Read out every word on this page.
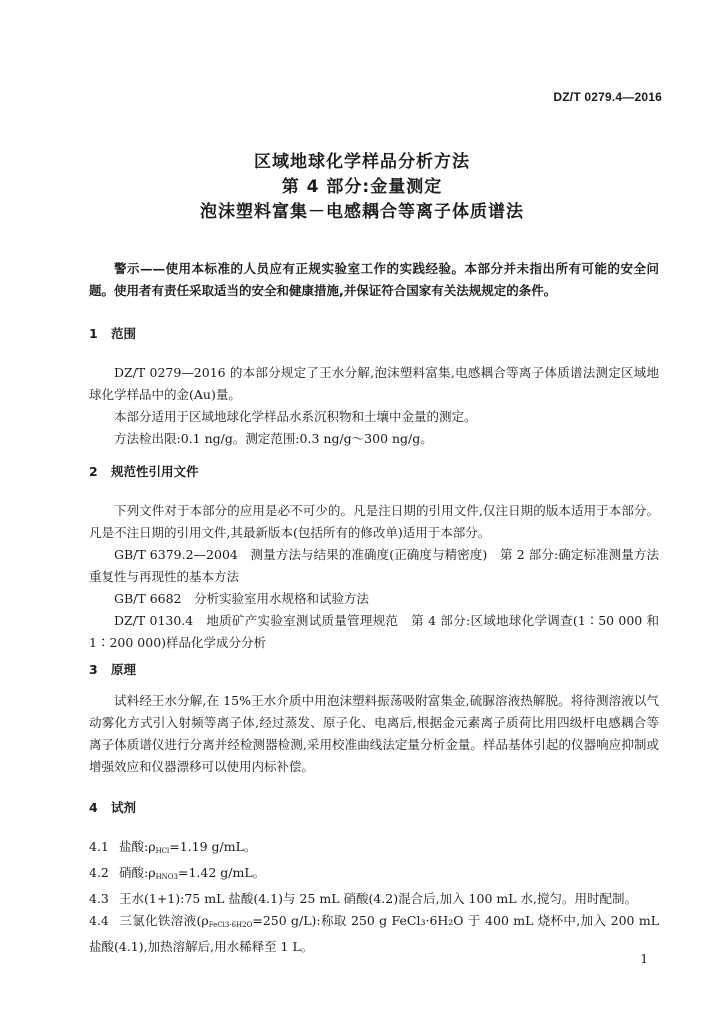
DZ/T 0279.4—2016
区域地球化学样品分析方法
第 4 部分:金量测定
泡沫塑料富集－电感耦合等离子体质谱法
警示——使用本标准的人员应有正规实验室工作的实践经验。本部分并未指出所有可能的安全问题。使用者有责任采取适当的安全和健康措施,并保证符合国家有关法规规定的条件。
1 范围

DZ/T 0279—2016 的本部分规定了王水分解,泡沫塑料富集,电感耦合等离子体质谱法测定区域地球化学样品中的金(Au)量。

本部分适用于区域地球化学样品水系沉积物和土壤中金量的测定。

方法检出限:0.1 ng/g。测定范围:0.3 ng/g～300 ng/g。

2 规范性引用文件

下列文件对于本部分的应用是必不可少的。凡是注日期的引用文件,仅注日期的版本适用于本部分。凡是不注日期的引用文件,其最新版本(包括所有的修改单)适用于本部分。

GB/T 6379.2—2004　测量方法与结果的准确度(正确度与精密度)　第 2 部分:确定标准测量方法重复性与再现性的基本方法

GB/T 6682　分析实验室用水规格和试验方法

DZ/T 0130.4　地质矿产实验室测试质量管理规范　第 4 部分:区域地球化学调查(1∶50 000 和 1∶200 000)样品化学成分分析

3 原理

试料经王水分解,在 15%王水介质中用泡沫塑料振荡吸附富集金,硫脲溶液热解脱。将待测溶液以气动雾化方式引入射频等离子体,经过蒸发、原子化、电离后,根据金元素离子质荷比用四级杆电感耦合等离子体质谱仪进行分离并经检测器检测,采用校准曲线法定量分析金量。样品基体引起的仪器响应抑制或增强效应和仪器漂移可以使用内标补偿。

4 试剂

4.1 盐酸$:\rho_{HCl}=1.19$ g/mL。

4.2 硝酸$:\rho_{HNO3}=1.42$ g/mL。

4.3 王水(1+1):75 mL 盐酸(4.1)与 25 mL 硝酸(4.2)混合后,加入 100 mL 水,搅匀。用时配制。

4.4 三氯化铁溶液($\rho_{FeCl3\cdot 6H2O}=250$ g/L):称取 250 g FeCl₃·6H₂O 于 400 mL 烧杯中,加入 200 mL 盐酸(4.1),加热溶解后,用水稀释至 1 L。

1
